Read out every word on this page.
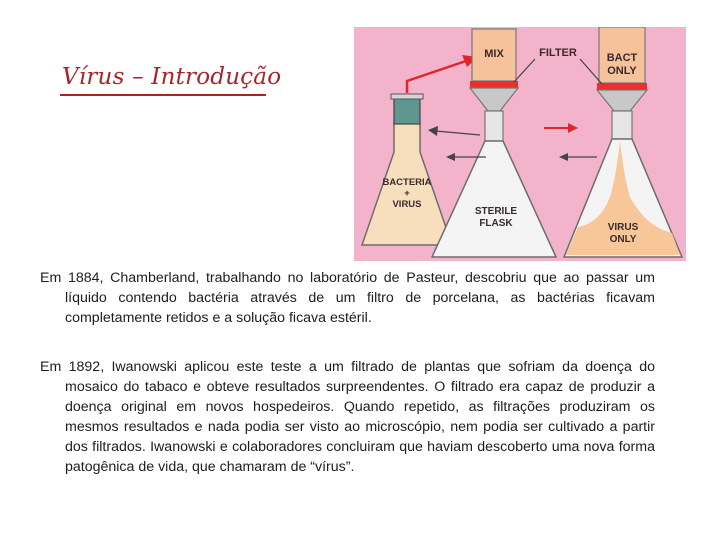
Vírus – Introdução
BACTERIA
+
VIRUS
MIX
STERILE
FLASK
BACT
ONLY
VIRUS
ONLY
FILTER

Em 1884, Chamberland, trabalhando no laboratório de Pasteur, descobriu que ao passar um líquido contendo bactéria através de um filtro de porcelana, as bactérias ficavam completamente retidos e a solução ficava estéril.

Em 1892, Iwanowski aplicou este teste a um filtrado de plantas que sofriam da doença do mosaico do tabaco e obteve resultados surpreendentes. O filtrado era capaz de produzir a doença original em novos hospedeiros. Quando repetido, as filtrações produziram os mesmos resultados e nada podia ser visto ao microscópio, nem podia ser cultivado a partir dos filtrados. Iwanowski e colaboradores concluiram que haviam descoberto uma nova forma patogênica de vida, que chamaram de “vírus”.
